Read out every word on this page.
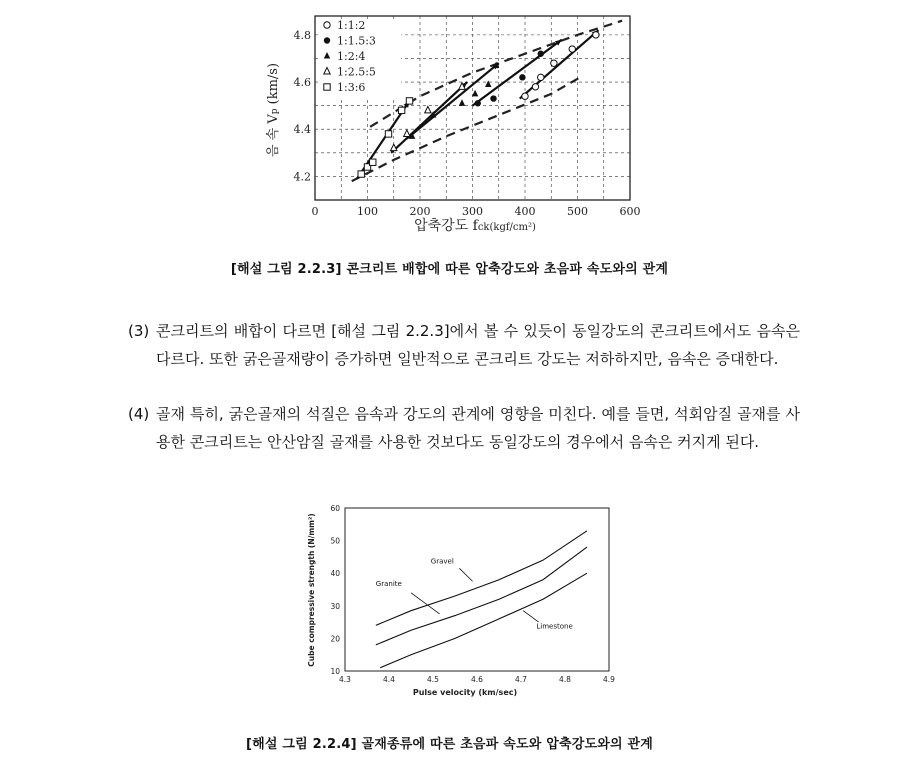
0	100	200	300	400	500	600
4.2
4.4
4.6
4.8
1:1:2
1:1.5:3
1:2:4
1:2.5:5
1:3:6
압축강도 fck(kgf/cm²)
압축강도 fck(kgf/cm²)
음 속 Vp (km/s)
음 속 Vp(km/s)
[해설 그림 2.2.3] 콘크리트 배합에 따른 압축강도와 초음파 속도와의 관계
(3) 콘크리트의 배합이 다르면 [해설 그림 2.2.3]에서 볼 수 있듯이 동일강도의 콘크리트에서도 음속은 다르다. 또한 굵은골재량이 증가하면 일반적으로 콘크리트 강도는 저하하지만, 음속은 증대한다.
(4) 골재 특히, 굵은골재의 석질은 음속과 강도의 관계에 영향을 미친다. 예를 들면, 석회암질 골재를 사용한 콘크리트는 안산암질 골재를 사용한 것보다도 동일강도의 경우에서 음속은 커지게 된다.
4.3	4.4	4.5	4.6	4.7	4.8	4.9
10
20
30
40
50
60
Gravel
Granite
Limestone
Pulse velocity (km/sec)
Cube compressive strength (N/mm²)
[해설 그림 2.2.4] 골재종류에 따른 초음파 속도와 압축강도와의 관계
